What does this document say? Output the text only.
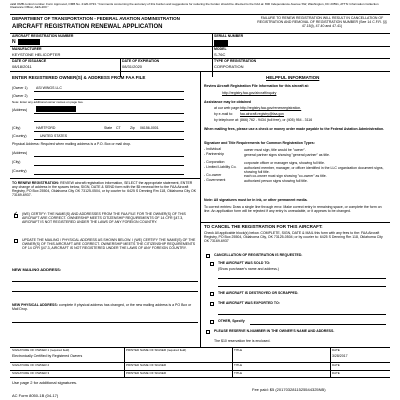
valid OMB control number. Form Approved, OMB No. 2120-0733. "Comments concerning the accuracy of this burden and suggestions for reducing the burden should be directed to the FAA at: 800 Independence Avenue SW, Washington, DC 20591, ATTN: Information Collection Clearance Officer, AES-200."
DEPARTMENT OF TRANSPORTATION - FEDERAL AVIATION ADMINISTRATION
AIRCRAFT REGISTRATION RENEWAL APPLICATION
FAILURE TO RENEW REGISTRATION WILL RESULT IN CANCELLATION OF REGISTRATION AND REMOVAL OF REGISTRATION NUMBER (See 14 C.F.R. §§ 47.15(i), 47.40 and 47.41)
AIRCRAFT REGISTRATION NUMBER
N
SERIAL NUMBER
MANUFACTURER
KEYSTONE HELICOPTER
MODEL
S-76C
DATE OF ISSUANCE
08/18/2011
DATE OF EXPIRATION
08/31/2020
TYPE OF REGISTRATION
CORPORATION
ENTER REGISTERED OWNER(S) & ADDRESS FROM FAA FILE
(Owner 1) ASI WINGS LLC
(Owner 2)
Note: Enter any additional owner names on page two.
(Address)
(City)	HARTFORD	State CT	Zip 06156-0001
(Country)	UNITED STATES
Physical Address: Required when mailing address is a P.O. Box or mail drop.
(Address)
(City)
(Country)
TO RENEW REGISTRATION: REVIEW aircraft registration information, SELECT the appropriate statement, ENTER any change of address in the spaces below, SIGN, DATE & SEND form with the $5 renewal fee to the FAA Aircraft Registry, PO Box 25504, Oklahoma City OK 73125-0504, or by courier to: 6425 S Denning Rm 118, Oklahoma City OK 73169-6937.
✓ (WE) CERTIFY: THE NAME(S) AND ADDRESSES FROM THE FAA FILE FOR THE OWNER(S) OF THIS AIRCRAFT ARE CORRECT. OWNERSHIP MEETS CITIZENSHIP REQUIREMENTS OF 14 CFR §47.3, AIRCRAFT IS NOT REGISTERED UNDER THE LAWS OF ANY FOREIGN COUNTRY.
UPDATE THE MAILING / PHYSICAL ADDRESS AS SHOWN BELOW. I (WE) CERTIFY THE NAME(S) OF THE OWNER(S) OF THIS AIRCRAFT ARE CORRECT. OWNERSHIP MEETS THE CITIZENSHIP REQUIREMENTS OF 14 CFR §47.3, AIRCRAFT IS NOT REGISTERED UNDER THE LAWS OF ANY FOREIGN COUNTRY.
NEW MAILING ADDRESS:
NEW PHYSICAL ADDRESS: complete if physical address has changed, or the new mailing address is a PO Box or Mail Drop.
HELPFUL INFORMATION
Review Aircraft Registration File Information for this aircraft at:
http://registry.faa.gov/aircraftinquiry
Assistance may be obtained
at our web page: http://registry.faa.gov/renewregistration.
by e-mail to: faa.aircraft.registry@faa.gov
by telephone at: (866) 762 - 9434 (toll free), or (405) 954 - 3116
When mailing fees, please use a check or money order made payable to the Federal Aviation Administration.
Signature and Title Requirements for Common Registration Types:
- Individual	owner must sign, title would be "owner".
- Partnership	general partner signs showing "general partner" as title.
- Corporation	corporate officer or manager signs, showing full title.
- Limited Liability Co. authorized member, manager, or officer identified in the LLC organization document signs, showing full title.
- Co-owner	each co-owner must sign showing "co-owner" as title.
- Government	authorized person signs showing full title.
Note: All signatures must be in ink, or other permanent media.
To correct entries: Draw a single line through error. Make correct entry in remaining space, or complete the form on line. An application form will be rejected if any entry is unreadable, or it appears to be changed.
TO CANCEL THE REGISTRATION FOR THIS AIRCRAFT:
Check All applicable block(s) below. COMPLETE, SIGN, DATE & MAIL this form with any fees to the: FAA Aircraft Registry, PO Box 25504, Oklahoma City, OK 73125-0504; or by courier to: 6425 S Denning Rm 118, Oklahoma City OK 73169-6937
CANCELLATION OF REGISTRATION IS REQUESTED.
THE AIRCRAFT WAS SOLD TO:
(Show purchaser's name and address.)
THE AIRCRAFT IS DESTROYED OR SCRAPPED.
THE AIRCRAFT WAS EXPORTED TO:
OTHER, Specify
PLEASE RESERVE N-NUMBER IN THE OWNER'S NAME AND ADDRESS.
The $10 reservation fee is enclosed.
SIGNATURE OF OWNER 1 (required field)	PRINTED NAME OF SIGNER (required field)	TITLE	DATE
3/28/2017
Electronically Certified by Registered Owners
SIGNATURE OF OWNER 2	PRINTED NAME OF SIGNER	TITLE	DATE
SIGNATURE OF OWNER 3	PRINTED NAME OF SIGNER	TITLE	DATE
Use page 2 for additional signatures.
Fee paid: $5 (2017032811525544325NB)
AC Form 8050-1B (04-17)
